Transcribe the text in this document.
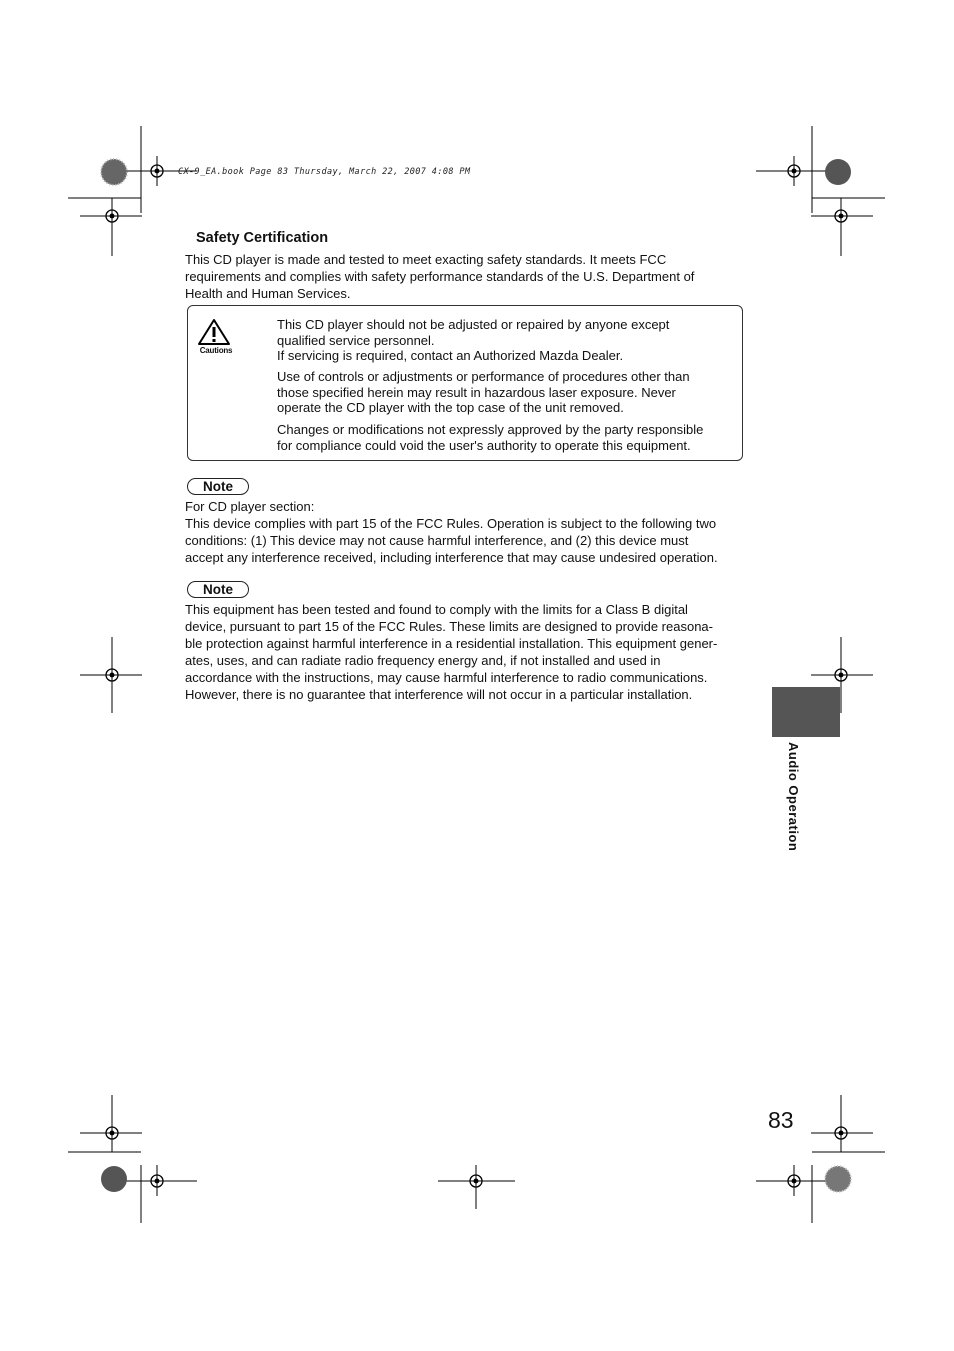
CX-9_EA.book Page 83 Thursday, March 22, 2007 4:08 PM
Safety Certification

This CD player is made and tested to meet exacting safety standards. It meets FCC

requirements and complies with safety performance standards of the U.S. Department of

Health and Human Services.

Cautions

This CD player should not be adjusted or repaired by anyone except

qualified service personnel.

If servicing is required, contact an Authorized Mazda Dealer.

Use of controls or adjustments or performance of procedures other than

those specified herein may result in hazardous laser exposure. Never

operate the CD player with the top case of the unit removed.

Changes or modifications not expressly approved by the party responsible

for compliance could void the user's authority to operate this equipment.

Note

For CD player section:

This device complies with part 15 of the FCC Rules. Operation is subject to the following two

conditions: (1) This device may not cause harmful interference, and (2) this device must

accept any interference received, including interference that may cause undesired operation.

Note

This equipment has been tested and found to comply with the limits for a Class B digital

device, pursuant to part 15 of the FCC Rules. These limits are designed to provide reasona-

ble protection against harmful interference in a residential installation. This equipment gener-

ates, uses, and can radiate radio frequency energy and, if not installed and used in

accordance with the instructions, may cause harmful interference to radio communications.

However, there is no guarantee that interference will not occur in a particular installation.

Audio Operation
83
